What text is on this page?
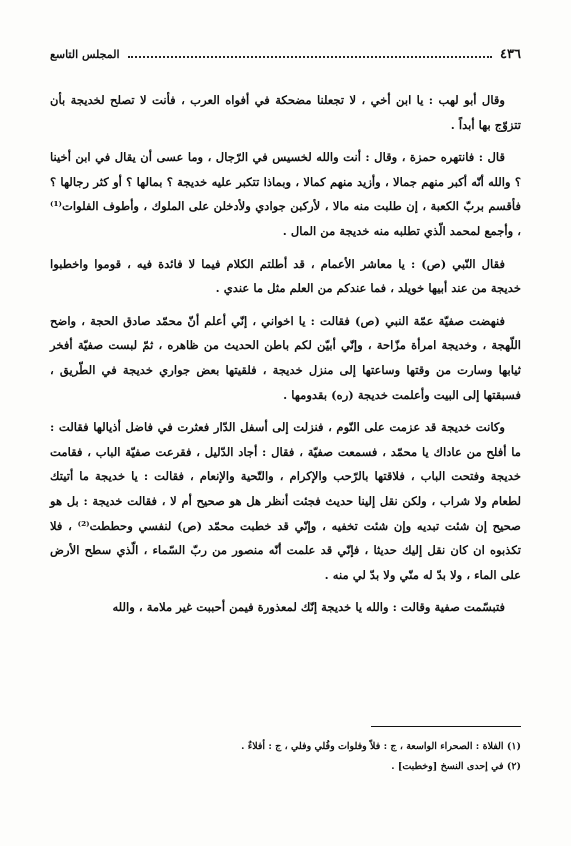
٤٣٦
المجلس التاسع

وقال أبو لهب : يا ابن أخي ، لا تجعلنا مضحكة في أفواه العرب ، فأنت لا تصلح لخديجة بأن تتزوّج بها أبداً .

قال : فانتهره حمزة ، وقال : أنت والله لخسيس في الرّجال ، وما عسى أن يقال في ابن أخينا ؟ والله أنّه أكبر منهم جمالا ، وأزيد منهم كمالا ، وبماذا تتكبر عليه خديجة ؟ بمالها ؟ أو كثر رجالها ؟ فأقسم بربّ الكعبة ، إن طلبت منه مالا ، لأركبن جوادي ولأدخلن على الملوك ، وأطوف الفلوات⁽¹⁾ ، وأجمع لمحمد الّذي تطلبه منه خديجة من المال .

فقال النّبي (ص) : يا معاشر الأعمام ، قد أطلتم الكلام فيما لا فائدة فيه ، قوموا واخطبوا خديجة من عند أبيها خويلد ، فما عندكم من العلم مثل ما عندي .

فنهضت صفيّة عمّة النبي (ص) فقالت : يا اخواني ، إنّي أعلم أنّ محمّد صادق الحجة ، واضح اللّهجة ، وخديجة امرأة مزّاحة ، وإنّي أبيّن لكم باطن الحديث من ظاهره ، ثمّ لبست صفيّة أفخر ثيابها وسارت من وقتها وساعتها إلى منزل خديجة ، فلقيتها بعض جواري خديجة في الطّريق ، فسبقتها إلى البيت وأعلمت خديجة (ره) بقدومها .

وكانت خديجة قد عزمت على النّوم ، فنزلت إلى أسفل الدّار فعثرت في فاضل أذيالها فقالت : ما أفلح من عاداك يا محمّد ، فسمعت صفيّة ، فقال : أجاد الدّليل ، فقرعت صفيّة الباب ، فقامت خديجة وفتحت الباب ، فلاقتها بالرّحب والإكرام ، والتّحية والإنعام ، فقالت : يا خديجة ما أتيتك لطعام ولا شراب ، ولكن نقل إلينا حديث فجئت أنظر هل هو صحيح أم لا ، فقالت خديجة : بل هو صحيح إن شئت تبديه وإن شئت تخفيه ، وإنّي قد خطبت محمّد (ص) لنفسي وحططت⁽²⁾ ، فلا تكذبوه ان كان نقل إليك حديثا ، فإنّي قد علمت أنّه منصور من ربّ السّماء ، الّذي سطح الأرض على الماء ، ولا بدّ له منّي ولا بدّ لي منه .

فتبسّمت صفية وقالت : والله يا خديجة إنّك لمعذورة فيمن أحببت غير ملامة ، والله

(١) الفلاة : الصحراء الواسعة ، ج : فلاً وفلوات وفُلي وفلي ، ج : أفلاءٌ .

(٢) في إحدى النسخ [وخطبت] .
